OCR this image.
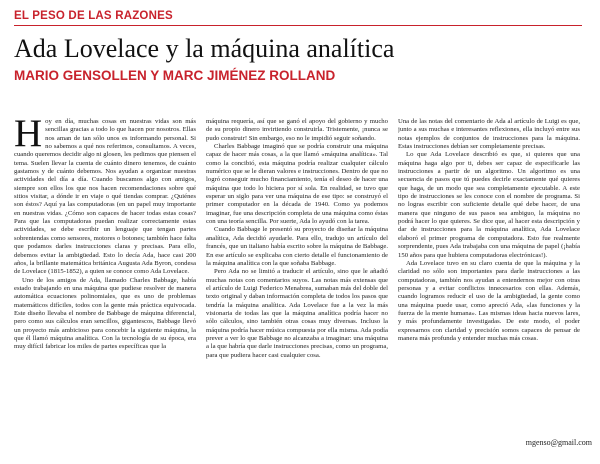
EL PESO DE LAS RAZONES
Ada Lovelace y la máquina analítica
MARIO GENSOLLEN Y MARC JIMÉNEZ ROLLAND

Hoy en día, muchas cosas en nuestras vidas son más sencillas gracias a todo lo que hacen por nosotros. Ellas nos aman de tan sólo unos es informando personal. Si no sabemos a qué nos referimos, consultamos. A veces, cuando queremos decidir algo ni glosen, les pedimos que piensen el tema. Suelen llevar la cuenta de cuánto dinero tenemos, de cuánto gastamos y de cuánto debemos. Nos ayudan a organizar nuestras actividades del día a día. Cuando buscamos algo con amigos, siempre son ellos los que nos hacen recomendaciones sobre qué sitios visitar, a dónde ir en viaje o qué tiendas comprar. ¿Quiénes son éstos? Aquí ya las computadoras (en un papel muy importante en nuestras vidas. ¿Cómo son capaces de hacer todas estas cosas? Para que las computadoras puedan realizar correctamente estas actividades, se debe escribir un lenguaje que tengan partes sobrentendas como sensores, motores o botones; también hace falta que podamos darles instrucciones claras y precisas. Para ello, debemos evitar la ambigüedad. Esto lo decía Ada, hace casi 200 años, la brillante matemática británica Augusta Ada Byron, condesa de Lovelace (1815-1852), a quien se conoce como Ada Lovelace.

Uno de los amigos de Ada, llamado Charles Babbage, había estado trabajando en una máquina que pudiese resolver de manera automática ecuaciones polinomiales, que es uno de problemas matemáticos difíciles, todos con la gente más práctica equivocada. Este diseño llevaba el nombre de Babbage de máquina diferencial, pero como sus cálculos eran sencillos, gigantescos, Babbage llevó un proyecto más ambicioso para concebir la siguiente máquina, la que él llamó máquina analítica. Con la tecnología de su época, era muy difícil fabricar los miles de partes específicas que la

máquina requería, así que se ganó el apoyo del gobierno y mucho de su propio dinero invirtiendo construirla. Tristemente, ¡nunca se pudo construir! Sin embargo, eso no le impidió seguir soñando.

Charles Babbage imaginó que se podría construir una máquina capaz de hacer más cosas, a la que llamó «máquina analítica». Tal como la concibió, esta máquina podría realizar cualquier cálculo numérico que se le dieran valores e instrucciones. Dentro de que no logró conseguir mucho financiamiento, tenía el deseo de hacer una máquina que todo lo hiciera por sí sola. En realidad, se tuvo que esperar un siglo para ver una máquina de ese tipo: se construyó el primer computador en la década de 1940. Como ya podemos imaginar, fue una descripción completa de una máquina como éstas con una teoría sencilla. Por suerte, Ada lo ayudó con la tarea.

Cuando Babbage le presentó su proyecto de diseñar la máquina analítica, Ada decidió ayudarle. Para ello, tradujo un artículo del francés, que un italiano había escrito sobre la máquina de Babbage. En ese artículo se explicaba con cierto detalle el funcionamiento de la máquina analítica con la que soñaba Babbage.

Pero Ada no se limitó a traducir el artículo, sino que le añadió muchas notas con comentarios suyos. Las notas más extensas que el artículo de Luigi Federico Menabrea, sumaban más del doble del texto original y daban información completa de todos los pasos que tendría la máquina analítica. Ada Lovelace fue a la vez la más visionaria de todas las que la máquina analítica podría hacer no sólo cálculos, sino también otras cosas muy diversas. Incluso la máquina podría hacer música compuesta por ella misma. Ada podía prever a ver lo que Babbage no alcanzaba a imaginar: una máquina a la que habría que darle instrucciones precisas, como un programa, para que pudiera hacer casi cualquier cosa.

Una de las notas del comentario de Ada al artículo de Luigi es que, junto a sus muchas e interesantes reflexiones, ella incluyó entre sus notas ejemplos de conjuntos de instrucciones para la máquina. Estas instrucciones debían ser completamente precisas.

Lo que Ada Lovelace describió es que, si quieres que una máquina haga algo por ti, debes ser capaz de especificarle las instrucciones a partir de un algoritmo. Un algoritmo es una secuencia de pasos que tú puedes decirle exactamente qué quieres que haga, de un modo que sea completamente ejecutable. A este tipo de instrucciones se les conoce con el nombre de programa. Si no logras escribir con suficiente detalle qué debe hacer, de una manera que ninguno de sus pasos sea ambiguo, la máquina no podrá hacer lo que quieres. Se dice que, al hacer esta descripción y dar de instrucciones para la máquina analítica, Ada Lovelace elaboró el primer programa de computadora. Esto fue realmente sorprendente, pues Ada trabajaba con una máquina de papel (¡había 150 años para que hubiera computadoras electrónicas!).

Ada Lovelace tuvo en su claro cuenta de que la máquina y la claridad no sólo son importantes para darle instrucciones a las computadoras, también nos ayudan a entendernos mejor con otras personas y a evitar conflictos innecesarios con ellas. Además, cuando logramos reducir el uso de la ambigüedad, la gente como una máquina puede usar, como apreció Ada, «las funciones y la fuerza de la mente humana». Las mismas ideas hacia nuevos lares, y más profundamente investigadas. De este modo, el poder expresarnos con claridad y precisión somos capaces de pensar de manera más profunda y entender muchas más cosas.

mgenso@gmail.com
